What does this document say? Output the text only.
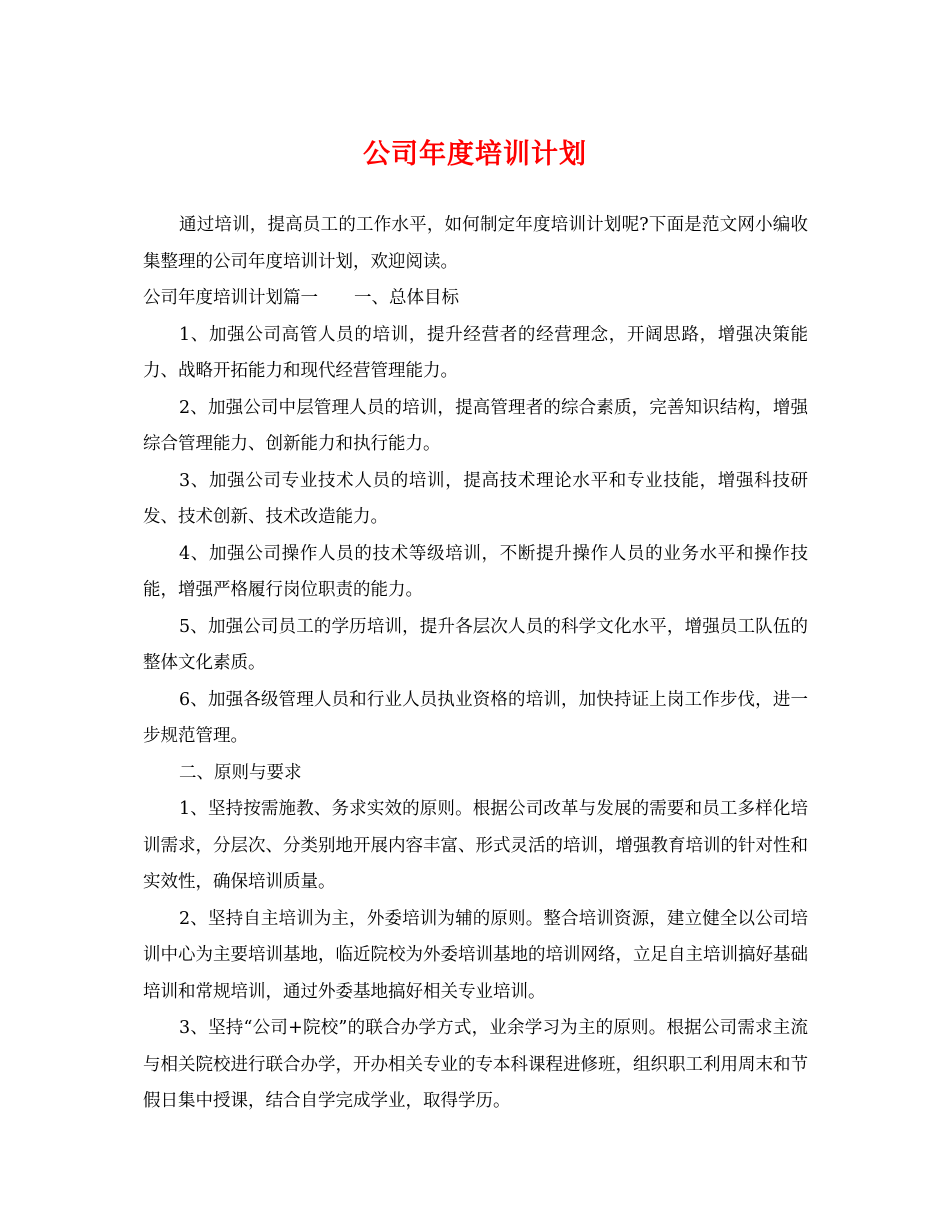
公司年度培训计划

通过培训，提高员工的工作水平，如何制定年度培训计划呢?下面是范文网小编收集整理的公司年度培训计划，欢迎阅读。

公司年度培训计划篇一 一、总体目标

1、加强公司高管人员的培训，提升经营者的经营理念，开阔思路，增强决策能力、战略开拓能力和现代经营管理能力。

2、加强公司中层管理人员的培训，提高管理者的综合素质，完善知识结构，增强综合管理能力、创新能力和执行能力。

3、加强公司专业技术人员的培训，提高技术理论水平和专业技能，增强科技研发、技术创新、技术改造能力。

4、加强公司操作人员的技术等级培训，不断提升操作人员的业务水平和操作技能，增强严格履行岗位职责的能力。

5、加强公司员工的学历培训，提升各层次人员的科学文化水平，增强员工队伍的整体文化素质。

6、加强各级管理人员和行业人员执业资格的培训，加快持证上岗工作步伐，进一步规范管理。

二、原则与要求

1、坚持按需施教、务求实效的原则。根据公司改革与发展的需要和员工多样化培训需求，分层次、分类别地开展内容丰富、形式灵活的培训，增强教育培训的针对性和实效性，确保培训质量。

2、坚持自主培训为主，外委培训为辅的原则。整合培训资源，建立健全以公司培训中心为主要培训基地，临近院校为外委培训基地的培训网络，立足自主培训搞好基础培训和常规培训，通过外委基地搞好相关专业培训。

3、坚持“公司+院校”的联合办学方式，业余学习为主的原则。根据公司需求主流与相关院校进行联合办学，开办相关专业的专本科课程进修班，组织职工利用周末和节假日集中授课，结合自学完成学业，取得学历。
